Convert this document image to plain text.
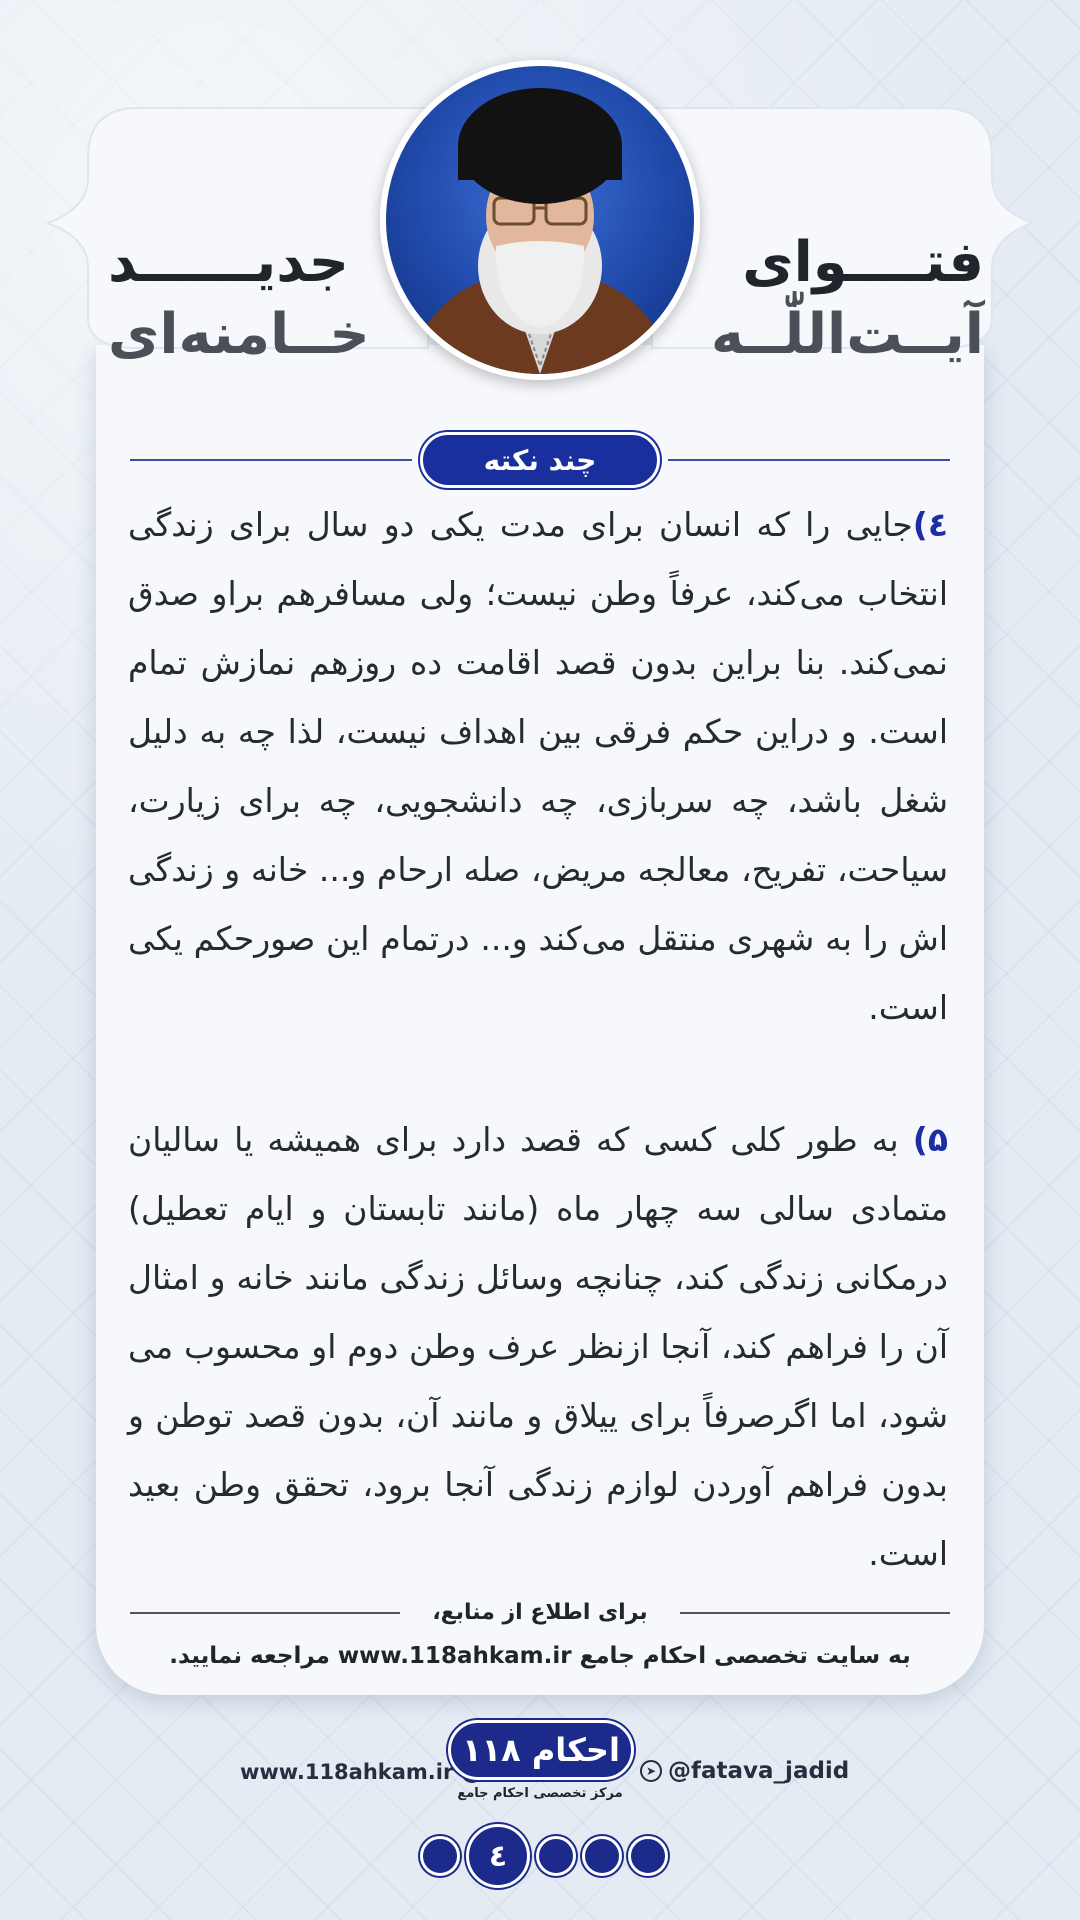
فتــــوای
آیــت‌اللّٰــه
جدیــــــد
خــامنه‌ای
چند نکته
٤)جایی را که انسان برای مدت یکی دو سال برای زندگی انتخاب می‌کند، عرفاً وطن نیست؛ ولی مسافرهم براو صدق نمی‌کند. بنا براین بدون قصد اقامت ده روزهم نمازش تمام است. و دراین حکم فرقی بین اهداف نیست، لذا چه به دلیل شغل باشد، چه سربازی، چه دانشجویی، چه برای زیارت، سیاحت، تفریح، معالجه مریض، صله ارحام و... خانه و زندگی اش را به شهری منتقل می‌کند و... درتمام این صورحکم یکی است.
۵) به طور کلی کسی که قصد دارد برای همیشه یا سالیان متمادی سالی سه چهار ماه (مانند تابستان و ایام تعطیل) درمکانی زندگی کند، چنانچه وسائل زندگی مانند خانه و امثال آن را فراهم کند، آنجا ازنظر عرف وطن دوم او محسوب می شود، اما اگرصرفاً برای ییلاق و مانند آن، بدون قصد توطن و بدون فراهم آوردن لوازم زندگی آنجا برود، تحقق وطن بعید است.
برای اطلاع از منابع،
به سایت تخصصی احکام جامع www.118ahkam.ir مراجعه نمایید.
www.118ahkam.ir
۱۱۸ احکام
مرکز تخصصی احکام جامع
➤ @fatava_jadid
٤
